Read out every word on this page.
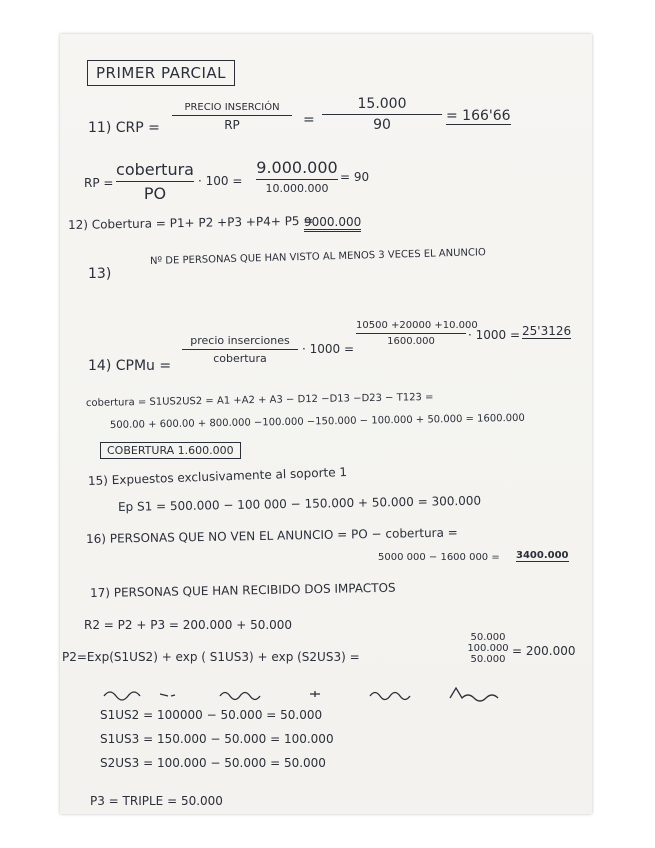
PRIMER PARCIAL
11) CRP =
PRECIO INSERCIÓN
RP	=
15.000
90
= 166'66
RP =
cobertura
PO
· 100 =
9.000.000
10.000.000
= 90
12) Cobertura = P1+ P2 +P3 +P4+ P5 =
9000.000
13)
Nº DE PERSONAS QUE HAN VISTO AL MENOS 3 VECES EL ANUNCIO
14) CPMu =
precio inserciones
cobertura
· 1000 =
10500 +20000 +10.000
1600.000	· 1000 = 25'3126
cobertura = S1US2US2 = A1 +A2 + A3 − D12 −D13 −D23 − T123 =
500.00 + 600.00 + 800.000 −100.000 −150.000 − 100.000 + 50.000 = 1600.000
COBERTURA 1.600.000
15) Expuestos exclusivamente al soporte 1
Ep S1 = 500.000 − 100 000 − 150.000 + 50.000 = 300.000
16) PERSONAS QUE NO VEN EL ANUNCIO = PO − cobertura =
5000 000 − 1600 000 = 3400.000
17) PERSONAS QUE HAN RECIBIDO DOS IMPACTOS
R2 = P2 + P3 = 200.000 + 50.000
P2=Exp(S1US2) + exp ( S1US3) + exp (S2US3) =
50.000 100.000 50.000
= 200.000
S1US2 = 100000 − 50.000 = 50.000
S1US3 = 150.000 − 50.000 = 100.000
S2US3 = 100.000 − 50.000 = 50.000
P3 = TRIPLE = 50.000
